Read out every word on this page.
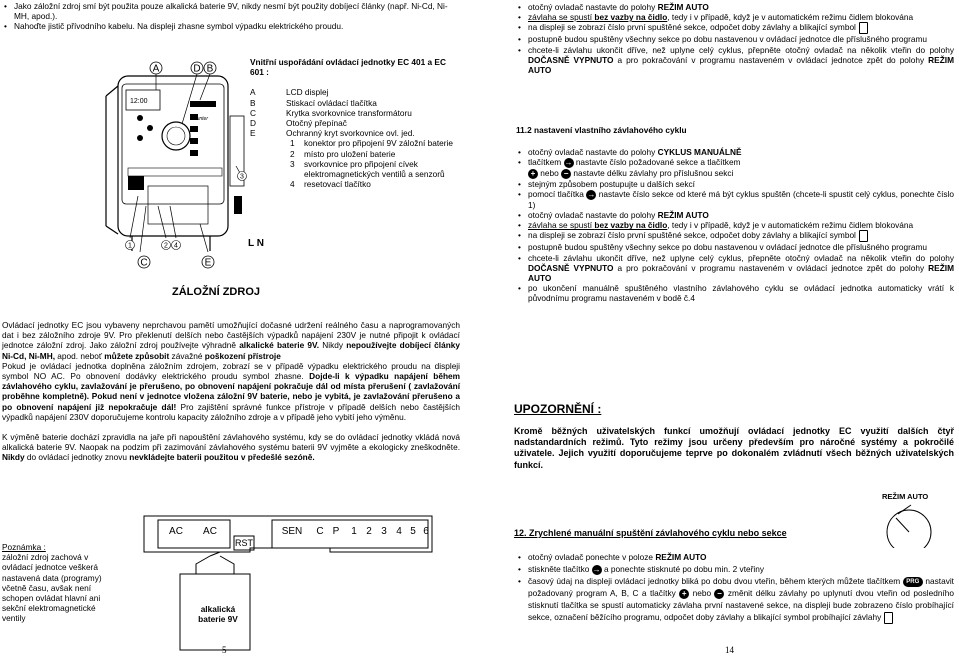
• Jako záložní zdroj smí být použita pouze alkalická baterie 9V, nikdy nesmí být použity dobíjecí články (např. Ni-Cd, Ni-MH, apod.).
• Nahoďte jistič přívodního kabelu. Na displeji zhasne symbol výpadku elektrického proudu.
A	D B
C	E
1	2 4
3
12:00
Hunter
L N
ZÁLOŽNÍ ZDROJ
Vnitřní uspořádání ovládací jednotky EC 401 a EC 601 :
A	LCD displej
B	Stiskací ovládací tlačítka
C	Krytka svorkovnice transformátoru
D	Otočný přepínač
E	Ochranný kryt svorkovnice ovl. jed.
1	konektor pro připojení 9V záložní baterie
2	místo pro uložení baterie
3	svorkovnice pro připojení cívek elektromagnetických ventilů a senzorů
4	resetovací tlačítko

Ovládací jednotky EC jsou vybaveny neprchavou pamětí umožňující dočasné udržení reálného času a naprogramovaných dat i bez záložního zdroje 9V. Pro překlenutí delších nebo častějších výpadků napájení 230V je nutné připojit k ovládací jednotce záložní zdroj. Jako záložní zdroj používejte výhradně alkalické baterie 9V. Nikdy nepoužívejte dobíjecí články Ni-Cd, Ni-MH, apod. neboť můžete způsobit závažné poškození přístroje

Pokud je ovládací jednotka doplněna záložním zdrojem, zobrazí se v případě výpadku elektrického proudu na displeji symbol NO AC. Po obnovení dodávky elektrického proudu symbol zhasne. Dojde-li k výpadku napájení během závlahového cyklu, zavlažování je přerušeno, po obnovení napájení pokračuje dál od místa přerušení ( zavlažování proběhne kompletně). Pokud není v jednotce vložena záložní 9V baterie, nebo je vybitá, je zavlažování přerušeno a po obnovení napájení již nepokračuje dál! Pro zajištění správné funkce přístroje v případě delších nebo častějších výpadků napájení 230V doporučujeme kontrolu kapacity záložního zdroje a v případě jeho vybití jeho výměnu.

K výměně baterie dochází zpravidla na jaře při napouštění závlahového systému, kdy se do ovládací jednotky vkládá nová alkalická baterie 9V. Naopak na podzim při zazimování závlahového systému baterii 9V vyjměte a ekologicky zneškodněte. Nikdy do ovládací jednotky znovu nevkládejte baterii použitou v předešlé sezóně.

Poznámka :
záložní zdroj zachová v ovládací jednotce veškerá nastavená data (programy) včetně času, avšak není schopen ovládat hlavní ani sekční elektromagnetické ventily
AC AC	SEN C P 1 2 3 4 5 6
RST
alkalická baterie 9V
5
• otočný ovladač nastavte do polohy REŽIM AUTO
• závlaha se spustí bez vazby na čidlo, tedy i v případě, když je v automatickém režimu čidlem blokována
• na displeji se zobrazí číslo první spuštěné sekce, odpočet doby závlahy a blikající symbol
• postupně budou spuštěny všechny sekce po dobu nastavenou v ovládací jednotce dle příslušného programu
• chcete-li závlahu ukončit dříve, než uplyne celý cyklus, přepněte otočný ovladač na několik vteřin do polohy DOČASNĚ VYPNUTO a pro pokračování v programu nastaveném v ovládací jednotce zpět do polohy REŽIM AUTO
11.2 nastavení vlastního závlahového cyklu
• otočný ovladač nastavte do polohy CYKLUS MANUÁLNĚ
• tlačítkem → nastavte číslo požadované sekce a tlačítkem
+ nebo − nastavte délku závlahy pro příslušnou sekci
• stejným způsobem postupujte u dalších sekcí
• pomocí tlačítka → nastavte číslo sekce od které má být cyklus spuštěn (chcete-li spustit celý cyklus, ponechte číslo 1)
• otočný ovladač nastavte do polohy REŽIM AUTO
• závlaha se spustí bez vazby na čidlo, tedy i v případě, když je v automatickém režimu čidlem blokována
• na displeji se zobrazí číslo první spuštěné sekce, odpočet doby závlahy a blikající symbol
• postupně budou spuštěny všechny sekce po dobu nastavenou v ovládací jednotce dle příslušného programu
• chcete-li závlahu ukončit dříve, než uplyne celý cyklus, přepněte otočný ovladač na několik vteřin do polohy DOČASNĚ VYPNUTO a pro pokračování v programu nastaveném v ovládací jednotce zpět do polohy REŽIM AUTO
• po ukončení manuálně spuštěného vlastního závlahového cyklu se ovládací jednotka automaticky vrátí k původnímu programu nastaveném v bodě č.4
UPOZORNĚNÍ :
Kromě běžných uživatelských funkcí umožňují ovládací jednotky EC využití dalších čtyř nadstandardních režimů. Tyto režimy jsou určeny především pro náročné systémy a pokročilé uživatele. Jejich využití doporučujeme teprve po dokonalém zvládnutí všech běžných uživatelských funkcí.
REŽIM AUTO
12. Zrychlené manuální spuštění závlahového cyklu nebo sekce
• otočný ovladač ponechte v poloze REŽIM AUTO
• stiskněte tlačítko → a ponechte stisknuté po dobu min. 2 vteřiny
• časový údaj na displeji ovládací jednotky bliká po dobu dvou vteřin, během kterých můžete tlačítkem PRG nastavit požadovaný program A, B, C a tlačítky + nebo − změnit délku závlahy po uplynutí dvou vteřin od posledního stisknutí tlačítka se spustí automaticky závlaha první nastavené sekce, na displeji bude zobrazeno číslo probíhající sekce, označení běžícího programu, odpočet doby závlahy a blikající symbol probíhající závlahy
14
